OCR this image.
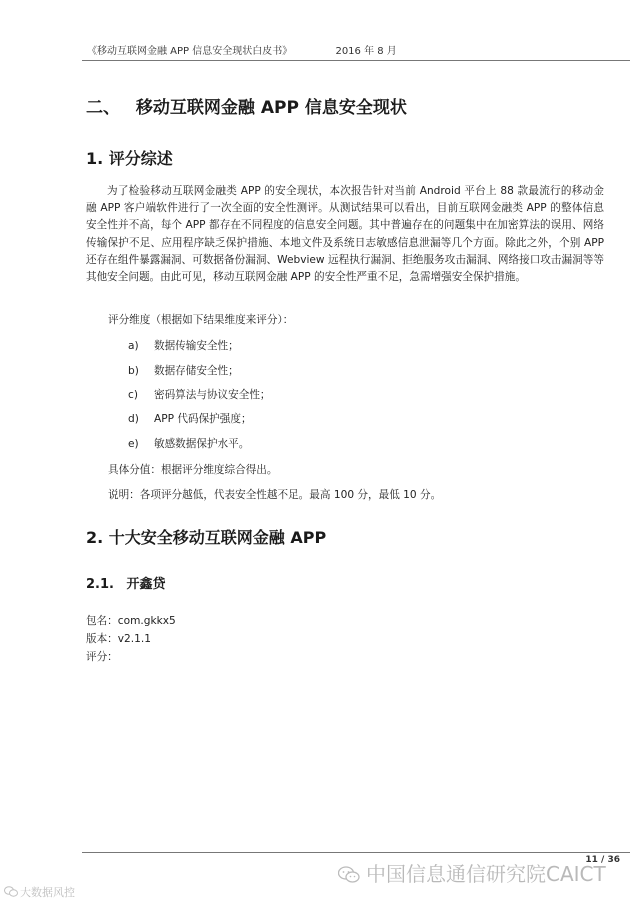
《移动互联网金融 APP 信息安全现状白皮书》	2016 年 8 月
二、 移动互联网金融 APP 信息安全现状
1. 评分综述
为了检验移动互联网金融类 APP 的安全现状，本次报告针对当前 Android 平台上 88 款最流行的移动金融 APP 客户端软件进行了一次全面的安全性测评。从测试结果可以看出，目前互联网金融类 APP 的整体信息安全性并不高，每个 APP 都存在不同程度的信息安全问题。其中普遍存在的问题集中在加密算法的误用、网络传输保护不足、应用程序缺乏保护措施、本地文件及系统日志敏感信息泄漏等几个方面。除此之外，个别 APP 还存在组件暴露漏洞、可数据备份漏洞、Webview 远程执行漏洞、拒绝服务攻击漏洞、网络接口攻击漏洞等等其他安全问题。由此可见，移动互联网金融 APP 的安全性严重不足，急需增强安全保护措施。
评分维度（根据如下结果维度来评分）：
a) 数据传输安全性；
b) 数据存储安全性；
c) 密码算法与协议安全性；
d) APP 代码保护强度；
e) 敏感数据保护水平。
具体分值：根据评分维度综合得出。
说明：各项评分越低，代表安全性越不足。最高 100 分，最低 10 分。
2. 十大安全移动互联网金融 APP
2.1. 开鑫贷
包名：com.gkkx5
版本：v2.1.1
评分：
11 / 36
中国信息通信研究院CAICT
大数据风控
